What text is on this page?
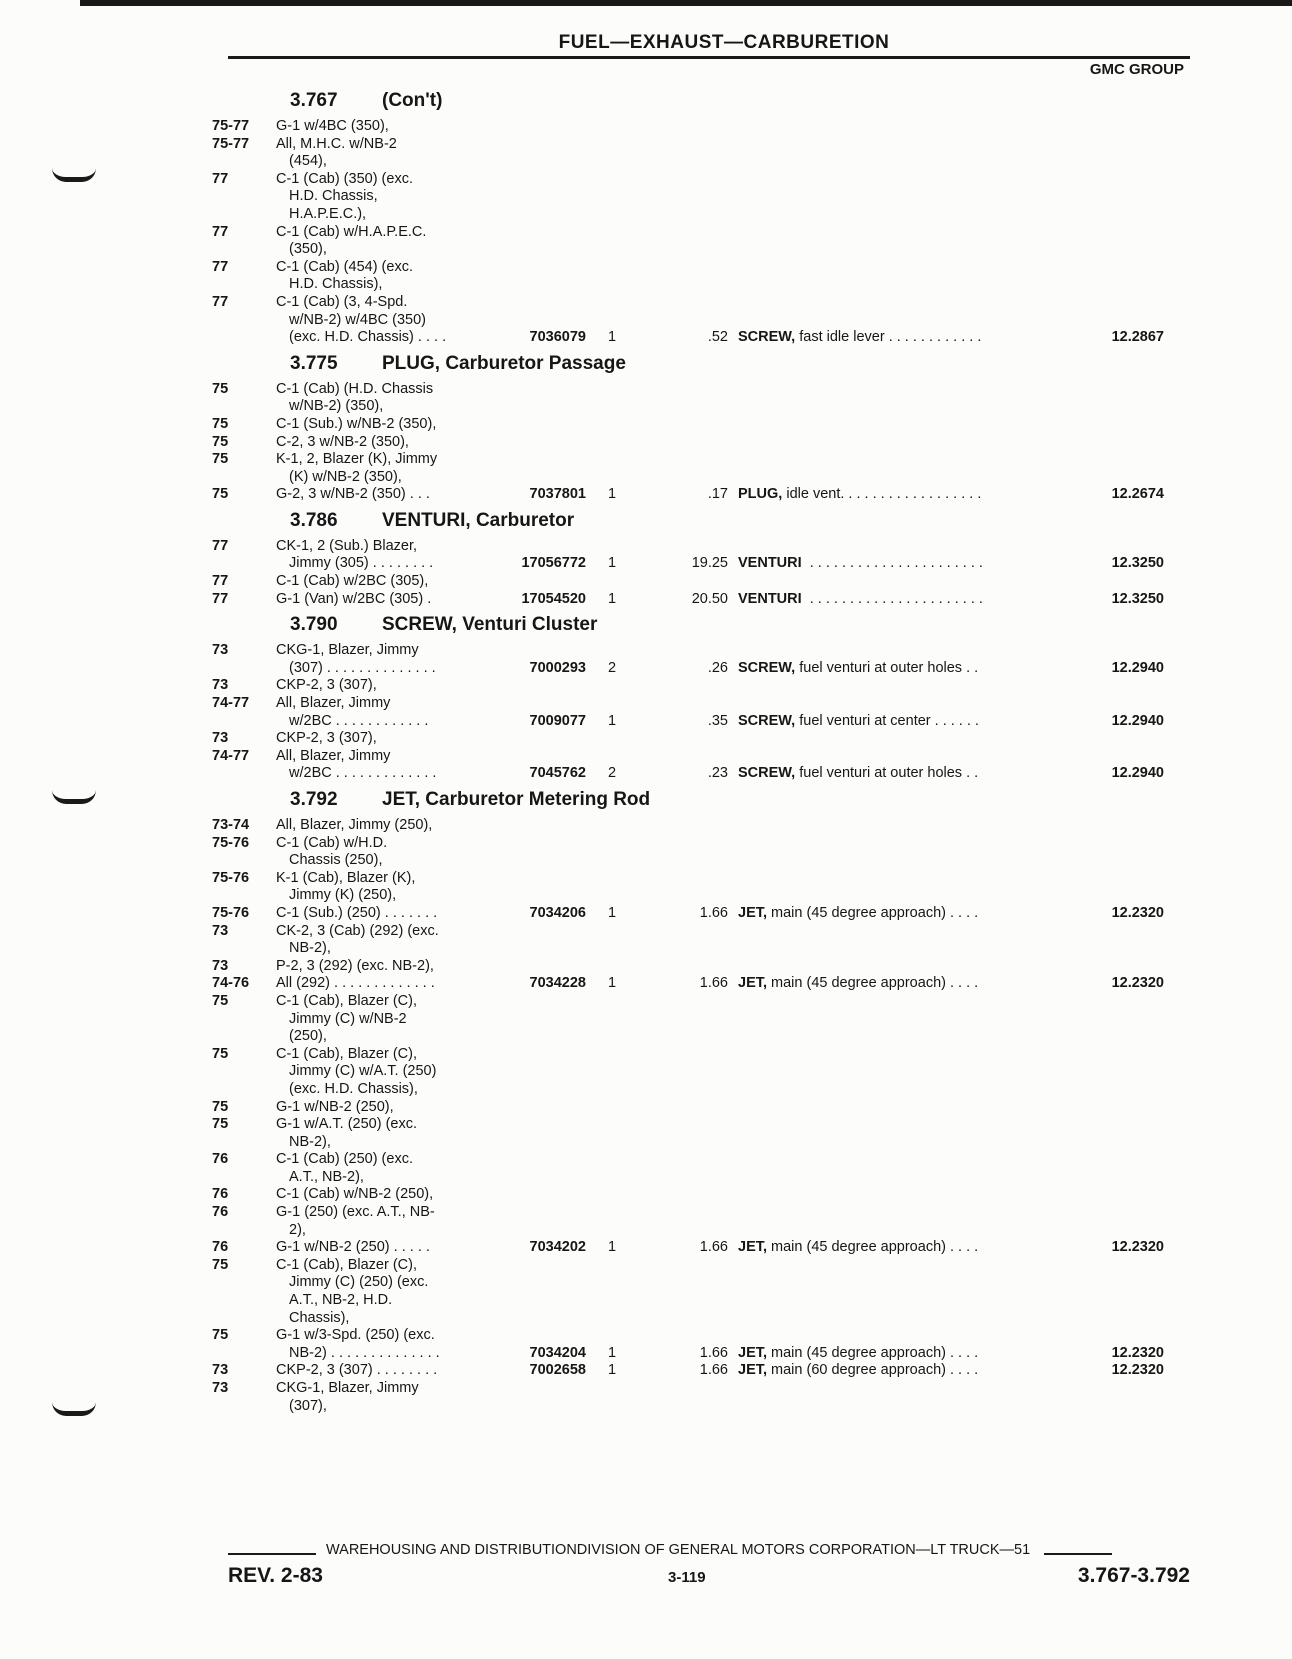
FUEL—EXHAUST—CARBURETION
GMC GROUP
3.767	(Con't)
75-77	G-1 w/4BC (350),
75-77	All, M.H.C. w/NB-2
(454),
77	C-1 (Cab) (350) (exc.
H.D. Chassis,
H.A.P.E.C.),
77	C-1 (Cab) w/H.A.P.E.C.
(350),
77	C-1 (Cab) (454) (exc.
H.D. Chassis),
77	C-1 (Cab) (3, 4-Spd.
w/NB-2) w/4BC (350)
(exc. H.D. Chassis) . . . .	7036079	1	.52 SCREW, fast idle lever . . . . . . . . . . . .	12.2867
3.775	PLUG, Carburetor Passage
75	C-1 (Cab) (H.D. Chassis
w/NB-2) (350),
75	C-1 (Sub.) w/NB-2 (350),
75	C-2, 3 w/NB-2 (350),
75	K-1, 2, Blazer (K), Jimmy
(K) w/NB-2 (350),
75	G-2, 3 w/NB-2 (350) . . .	7037801	1	.17 PLUG, idle vent. . . . . . . . . . . . . . . . . .	12.2674
3.786	VENTURI, Carburetor
77	CK-1, 2 (Sub.) Blazer,
Jimmy (305) . . . . . . . .	17056772	1	19.25 VENTURI  . . . . . . . . . . . . . . . . . . . . . .	12.3250
77	C-1 (Cab) w/2BC (305),
77	G-1 (Van) w/2BC (305) .	17054520	1	20.50 VENTURI  . . . . . . . . . . . . . . . . . . . . . .	12.3250
3.790	SCREW, Venturi Cluster
73	CKG-1, Blazer, Jimmy
(307) . . . . . . . . . . . . . .	7000293	2	.26 SCREW, fuel venturi at outer holes . .	12.2940
73	CKP-2, 3 (307),
74-77	All, Blazer, Jimmy
w/2BC . . . . . . . . . . . .	7009077	1	.35 SCREW, fuel venturi at center . . . . . .	12.2940
73	CKP-2, 3 (307),
74-77	All, Blazer, Jimmy
w/2BC . . . . . . . . . . . . .	7045762	2	.23 SCREW, fuel venturi at outer holes . .	12.2940
3.792	JET, Carburetor Metering Rod
73-74	All, Blazer, Jimmy (250),
75-76	C-1 (Cab) w/H.D.
Chassis (250),
75-76	K-1 (Cab), Blazer (K),
Jimmy (K) (250),
75-76	C-1 (Sub.) (250) . . . . . . .	7034206	1	1.66 JET, main (45 degree approach) . . . .	12.2320
73	CK-2, 3 (Cab) (292) (exc.
NB-2),
73	P-2, 3 (292) (exc. NB-2),
74-76	All (292) . . . . . . . . . . . . .	7034228	1	1.66 JET, main (45 degree approach) . . . .	12.2320
75	C-1 (Cab), Blazer (C),
Jimmy (C) w/NB-2
(250),
75	C-1 (Cab), Blazer (C),
Jimmy (C) w/A.T. (250)
(exc. H.D. Chassis),
75	G-1 w/NB-2 (250),
75	G-1 w/A.T. (250) (exc.
NB-2),
76	C-1 (Cab) (250) (exc.
A.T., NB-2),
76	C-1 (Cab) w/NB-2 (250),
76	G-1 (250) (exc. A.T., NB-
2),
76	G-1 w/NB-2 (250) . . . . .	7034202	1	1.66 JET, main (45 degree approach) . . . .	12.2320
75	C-1 (Cab), Blazer (C),
Jimmy (C) (250) (exc.
A.T., NB-2, H.D.
Chassis),
75	G-1 w/3-Spd. (250) (exc.
NB-2) . . . . . . . . . . . . . .	7034204	1	1.66 JET, main (45 degree approach) . . . .	12.2320
73	CKP-2, 3 (307) . . . . . . . .	7002658	1	1.66 JET, main (60 degree approach) . . . .	12.2320
73	CKG-1, Blazer, Jimmy
(307),
WAREHOUSING AND DISTRIBUTIONDIVISION OF GENERAL MOTORS CORPORATION—LT TRUCK—51
REV. 2-83	3-119	3.767-3.792
